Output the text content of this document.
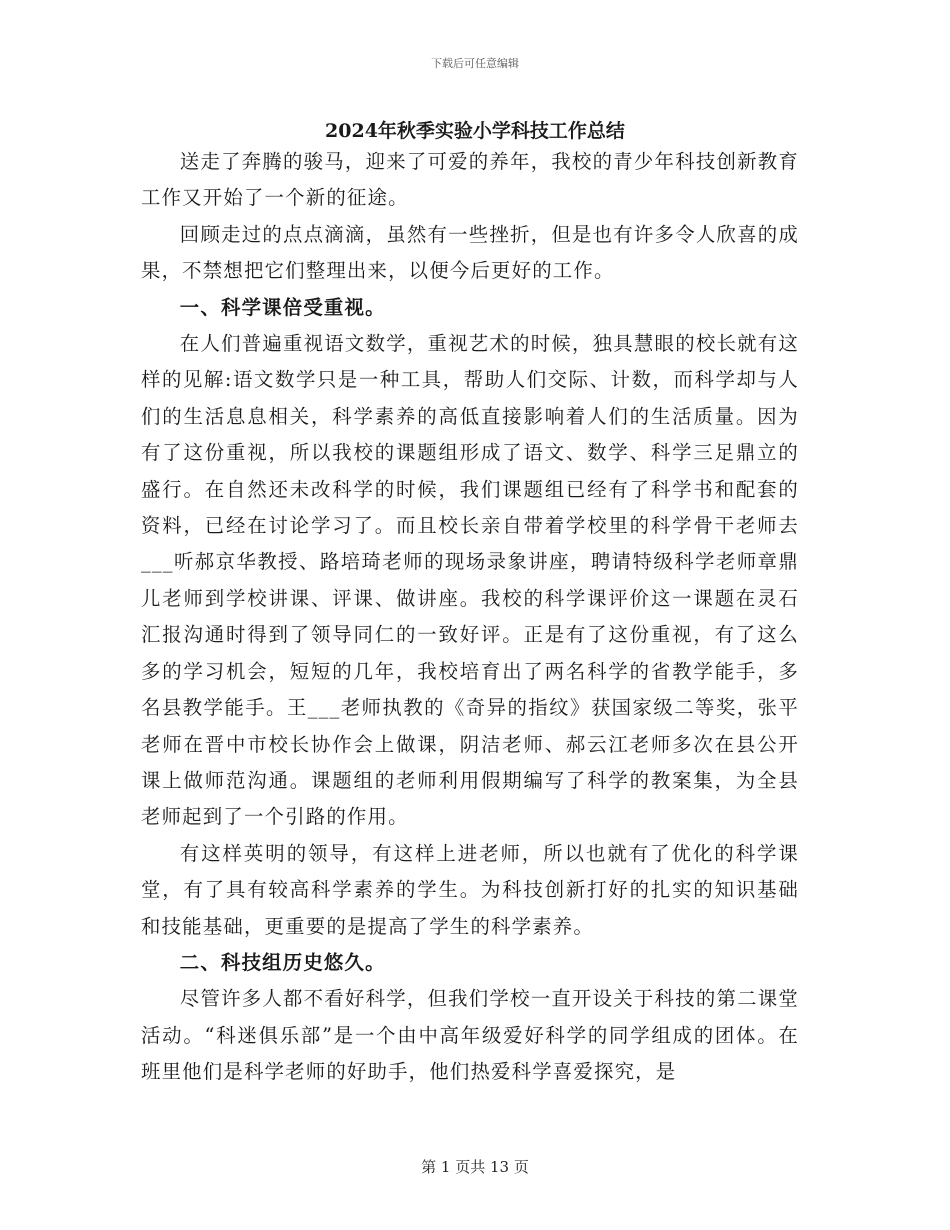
下载后可任意编辑
2024年秋季实验小学科技工作总结

送走了奔腾的骏马，迎来了可爱的养年，我校的青少年科技创新教育工作又开始了一个新的征途。

回顾走过的点点滴滴，虽然有一些挫折，但是也有许多令人欣喜的成果，不禁想把它们整理出来，以便今后更好的工作。

一、科学课倍受重视。

在人们普遍重视语文数学，重视艺术的时候，独具慧眼的校长就有这样的见解:语文数学只是一种工具，帮助人们交际、计数，而科学却与人们的生活息息相关，科学素养的高低直接影响着人们的生活质量。因为有了这份重视，所以我校的课题组形成了语文、数学、科学三足鼎立的盛行。在自然还未改科学的时候，我们课题组已经有了科学书和配套的资料，已经在讨论学习了。而且校长亲自带着学校里的科学骨干老师去___听郝京华教授、路培琦老师的现场录象讲座，聘请特级科学老师章鼎儿老师到学校讲课、评课、做讲座。我校的科学课评价这一课题在灵石汇报沟通时得到了领导同仁的一致好评。正是有了这份重视，有了这么多的学习机会，短短的几年，我校培育出了两名科学的省教学能手，多名县教学能手。王___老师执教的《奇异的指纹》获国家级二等奖，张平老师在晋中市校长协作会上做课，阴洁老师、郝云江老师多次在县公开课上做师范沟通。课题组的老师利用假期编写了科学的教案集，为全县老师起到了一个引路的作用。

有这样英明的领导，有这样上进老师，所以也就有了优化的科学课堂，有了具有较高科学素养的学生。为科技创新打好的扎实的知识基础和技能基础，更重要的是提高了学生的科学素养。

二、科技组历史悠久。

尽管许多人都不看好科学，但我们学校一直开设关于科技的第二课堂活动。“科迷俱乐部”是一个由中高年级爱好科学的同学组成的团体。在班里他们是科学老师的好助手，他们热爱科学喜爱探究，是

第 1 页共 13 页
